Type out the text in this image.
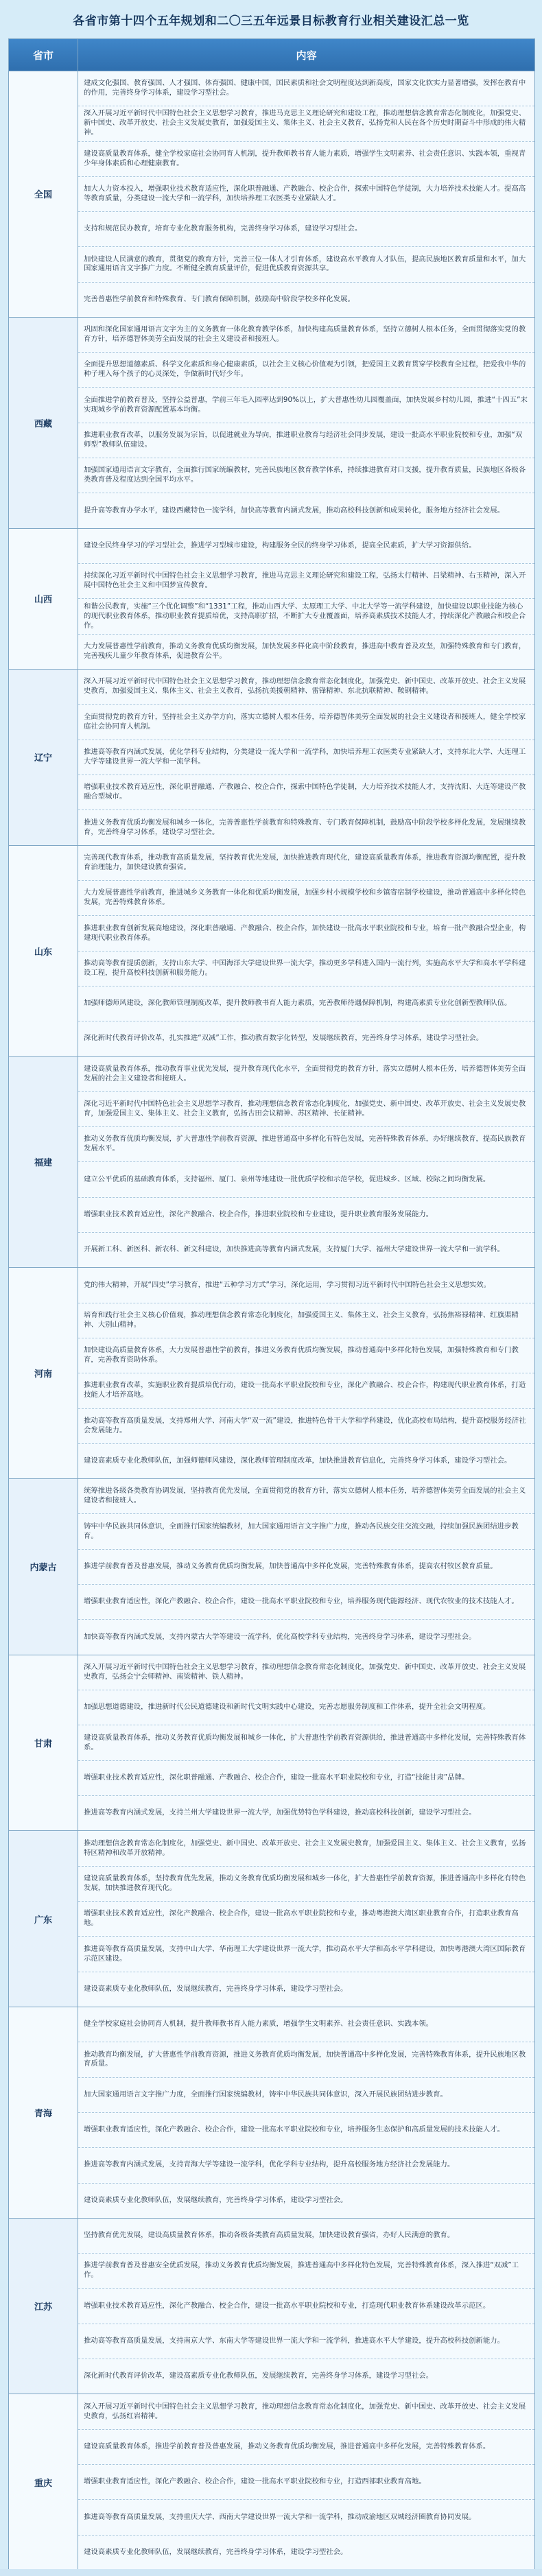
各省市第十四个五年规划和二〇三五年远景目标教育行业相关建设汇总一览
省市	内容
全国
建成文化强国、教育强国、人才强国、体育强国、健康中国，国民素质和社会文明程度达到新高度，国家文化软实力显著增强，发挥在教育中的作用，完善终身学习体系，建设学习型社会。
深入开展习近平新时代中国特色社会主义思想学习教育，推进马克思主义理论研究和建设工程，推动理想信念教育常态化制度化，加强党史、新中国史、改革开放史、社会主义发展史教育，加强爱国主义、集体主义、社会主义教育，弘扬党和人民在各个历史时期奋斗中形成的伟大精神。
建设高质量教育体系，健全学校家庭社会协同育人机制，提升教师教书育人能力素质，增强学生文明素养、社会责任意识、实践本领，重视青少年身体素质和心理健康教育。
加大人力资本投入，增强职业技术教育适应性，深化职普融通、产教融合、校企合作，探索中国特色学徒制，大力培养技术技能人才。提高高等教育质量，分类建设一流大学和一流学科，加快培养理工农医类专业紧缺人才。
支持和规范民办教育，培育专业化教育服务机构，完善终身学习体系，建设学习型社会。
加快建设人民满意的教育，贯彻党的教育方针，完善三位一体人才引育体系，建设高水平教育人才队伍，提高民族地区教育质量和水平，加大国家通用语言文字推广力度。不断健全教育质量评价，促进优质教育资源共享。
完善普惠性学前教育和特殊教育、专门教育保障机制，鼓励高中阶段学校多样化发展。
西藏
巩固和深化国家通用语言文字为主的义务教育一体化教育教学体系，加快构建高质量教育体系，坚持立德树人根本任务，全面贯彻落实党的教育方针，培养德智体美劳全面发展的社会主义建设者和接班人。
全面提升思想道德素质、科学文化素质和身心健康素质，以社会主义核心价值观为引领，把爱国主义教育贯穿学校教育全过程，把爱我中华的种子埋入每个孩子的心灵深处，争做新时代好少年。
全面推进学前教育普及，坚持公益普惠，学前三年毛入园率达到90%以上，扩大普惠性幼儿园覆盖面，加快发展乡村幼儿园，推进“十四五”末实现城乡学前教育资源配置基本均衡。
推进职业教育改革，以服务发展为宗旨，以促进就业为导向，推进职业教育与经济社会同步发展，建设一批高水平职业院校和专业，加强“双师型”教师队伍建设。
加强国家通用语言文字教育，全面推行国家统编教材，完善民族地区教育教学体系，持续推进教育对口支援，提升教育质量，民族地区各级各类教育普及程度达到全国平均水平。
提升高等教育办学水平，建设西藏特色一流学科，加快高等教育内涵式发展，推动高校科技创新和成果转化，服务地方经济社会发展。
山西
建设全民终身学习的学习型社会，推进学习型城市建设，构建服务全民的终身学习体系，提高全民素质，扩大学习资源供给。
持续深化习近平新时代中国特色社会主义思想学习教育，推进马克思主义理论研究和建设工程，弘扬太行精神、吕梁精神、右玉精神，深入开展中国特色社会主义和中国梦宣传教育。
和谐公民教育，实施“三个优化调整”和“1331”工程，推动山西大学、太原理工大学、中北大学等一流学科建设，加快建设以职业技能为核心的现代职业教育体系，推动职业教育提质培优，支持高职扩招，不断扩大专业覆盖面，培养高素质技术技能人才，持续深化产教融合和校企合作。
大力发展普惠性学前教育，推动义务教育优质均衡发展，加快发展多样化高中阶段教育，推进高中教育普及攻坚，加强特殊教育和专门教育，完善残疾儿童少年教育体系，促进教育公平。
辽宁
深入开展习近平新时代中国特色社会主义思想学习教育，推动理想信念教育常态化制度化，加强党史、新中国史、改革开放史、社会主义发展史教育，加强爱国主义、集体主义、社会主义教育，弘扬抗美援朝精神、雷锋精神、东北抗联精神、鞍钢精神。
全面贯彻党的教育方针，坚持社会主义办学方向，落实立德树人根本任务，培养德智体美劳全面发展的社会主义建设者和接班人，健全学校家庭社会协同育人机制。
推进高等教育内涵式发展，优化学科专业结构，分类建设一流大学和一流学科，加快培养理工农医类专业紧缺人才，支持东北大学、大连理工大学等建设世界一流大学和一流学科。
增强职业技术教育适应性，深化职普融通、产教融合、校企合作，探索中国特色学徒制，大力培养技术技能人才，支持沈阳、大连等建设产教融合型城市。
推进义务教育优质均衡发展和城乡一体化，完善普惠性学前教育和特殊教育、专门教育保障机制，鼓励高中阶段学校多样化发展，发展继续教育，完善终身学习体系，建设学习型社会。
山东
完善现代教育体系，推动教育高质量发展，坚持教育优先发展，加快推进教育现代化，建设高质量教育体系，推进教育资源均衡配置，提升教育治理能力，加快建设教育强省。
大力发展普惠性学前教育，推进城乡义务教育一体化和优质均衡发展，加强乡村小规模学校和乡镇寄宿制学校建设，推动普通高中多样化特色发展，完善特殊教育体系。
推进职业教育创新发展高地建设，深化职普融通、产教融合、校企合作，加快建设一批高水平职业院校和专业，培育一批产教融合型企业，构建现代职业教育体系。
推动高等教育提质创新，支持山东大学、中国海洋大学建设世界一流大学，推动更多学科进入国内一流行列，实施高水平大学和高水平学科建设工程，提升高校科技创新和服务能力。
加强师德师风建设，深化教师管理制度改革，提升教师教书育人能力素质，完善教师待遇保障机制，构建高素质专业化创新型教师队伍。
深化新时代教育评价改革，扎实推进“双减”工作，推动教育数字化转型，发展继续教育，完善终身学习体系，建设学习型社会。
福建
建设高质量教育体系，推动教育事业优先发展，提升教育现代化水平，全面贯彻党的教育方针，落实立德树人根本任务，培养德智体美劳全面发展的社会主义建设者和接班人。
深化习近平新时代中国特色社会主义思想学习教育，推动理想信念教育常态化制度化，加强党史、新中国史、改革开放史、社会主义发展史教育，加强爱国主义、集体主义、社会主义教育，弘扬古田会议精神、苏区精神、长征精神。
推动义务教育优质均衡发展，扩大普惠性学前教育资源，推进普通高中多样化有特色发展，完善特殊教育体系，办好继续教育，提高民族教育发展水平。
建立公平优质的基础教育体系，支持福州、厦门、泉州等地建设一批优质学校和示范学校，促进城乡、区域、校际之间均衡发展。
增强职业技术教育适应性，深化产教融合、校企合作，推进职业院校和专业建设，提升职业教育服务发展能力。
开展新工科、新医科、新农科、新文科建设，加快推进高等教育内涵式发展，支持厦门大学、福州大学建设世界一流大学和一流学科。
河南
党的伟大精神，开展“四史”学习教育，推进“五种学习方式”学习，深化运用，学习贯彻习近平新时代中国特色社会主义思想实效。
培育和践行社会主义核心价值观，推动理想信念教育常态化制度化，加强爱国主义、集体主义、社会主义教育，弘扬焦裕禄精神、红旗渠精神、大别山精神。
加快建设高质量教育体系，大力发展普惠性学前教育，推进义务教育优质均衡发展，推动普通高中多样化特色发展，加强特殊教育和专门教育，完善教育资助体系。
推进职业教育改革，实施职业教育提质培优行动，建设一批高水平职业院校和专业，深化产教融合、校企合作，构建现代职业教育体系，打造技能人才培养高地。
推动高等教育高质量发展，支持郑州大学、河南大学“双一流”建设，推进特色骨干大学和学科建设，优化高校布局结构，提升高校服务经济社会发展能力。
建设高素质专业化教师队伍，加强师德师风建设，深化教师管理制度改革，加快推进教育信息化，完善终身学习体系，建设学习型社会。
内蒙古
统筹推进各级各类教育协调发展，坚持教育优先发展，全面贯彻党的教育方针，落实立德树人根本任务，培养德智体美劳全面发展的社会主义建设者和接班人。
铸牢中华民族共同体意识，全面推行国家统编教材，加大国家通用语言文字推广力度，推动各民族交往交流交融，持续加强民族团结进步教育。
推进学前教育普及普惠发展，推动义务教育优质均衡发展，加快普通高中多样化发展，完善特殊教育体系，提高农村牧区教育质量。
增强职业教育适应性，深化产教融合、校企合作，建设一批高水平职业院校和专业，培养服务现代能源经济、现代农牧业的技术技能人才。
加快高等教育内涵式发展，支持内蒙古大学等建设一流学科，优化高校学科专业结构，完善终身学习体系，建设学习型社会。
甘肃
深入开展习近平新时代中国特色社会主义思想学习教育，推动理想信念教育常态化制度化，加强党史、新中国史、改革开放史、社会主义发展史教育，弘扬会宁会师精神、南梁精神、铁人精神。
加强思想道德建设，推进新时代公民道德建设和新时代文明实践中心建设，完善志愿服务制度和工作体系，提升全社会文明程度。
建设高质量教育体系，推动义务教育优质均衡发展和城乡一体化，扩大普惠性学前教育资源供给，推进普通高中多样化发展，完善特殊教育体系。
增强职业技术教育适应性，深化职普融通、产教融合、校企合作，建设一批高水平职业院校和专业，打造“技能甘肃”品牌。
推进高等教育内涵式发展，支持兰州大学建设世界一流大学，加强优势特色学科建设，推动高校科技创新，建设学习型社会。
广东
推动理想信念教育常态化制度化，加强党史、新中国史、改革开放史、社会主义发展史教育，加强爱国主义、集体主义、社会主义教育，弘扬特区精神和改革开放精神。
建设高质量教育体系，坚持教育优先发展，推动义务教育优质均衡发展和城乡一体化，扩大普惠性学前教育资源，推进普通高中多样化有特色发展，加快推进教育现代化。
增强职业技术教育适应性，深化产教融合、校企合作，建设一批高水平职业院校和专业，推动粤港澳大湾区职业教育合作，打造职业教育高地。
推进高等教育高质量发展，支持中山大学、华南理工大学建设世界一流大学，推动高水平大学和高水平学科建设，加快粤港澳大湾区国际教育示范区建设。
建设高素质专业化教师队伍，发展继续教育，完善终身学习体系，建设学习型社会。
青海
健全学校家庭社会协同育人机制，提升教师教书育人能力素质，增强学生文明素养、社会责任意识、实践本领。
推动教育均衡发展，扩大普惠性学前教育资源，推进义务教育优质均衡发展，加快普通高中多样化发展，完善特殊教育体系，提升民族地区教育质量。
加大国家通用语言文字推广力度，全面推行国家统编教材，铸牢中华民族共同体意识，深入开展民族团结进步教育。
增强职业教育适应性，深化产教融合、校企合作，建设一批高水平职业院校和专业，培养服务生态保护和高质量发展的技术技能人才。
推进高等教育内涵式发展，支持青海大学等建设一流学科，优化学科专业结构，提升高校服务地方经济社会发展能力。
建设高素质专业化教师队伍，发展继续教育，完善终身学习体系，建设学习型社会。
江苏
坚持教育优先发展，建设高质量教育体系，推动各级各类教育高质量发展，加快建设教育强省，办好人民满意的教育。
推进学前教育普及普惠安全优质发展，推动义务教育优质均衡发展，推进普通高中多样化特色发展，完善特殊教育体系，深入推进“双减”工作。
增强职业技术教育适应性，深化产教融合、校企合作，建设一批高水平职业院校和专业，打造现代职业教育体系建设改革示范区。
推动高等教育高质量发展，支持南京大学、东南大学等建设世界一流大学和一流学科，推进高水平大学建设，提升高校科技创新能力。
深化新时代教育评价改革，建设高素质专业化教师队伍，发展继续教育，完善终身学习体系，建设学习型社会。
重庆
深入开展习近平新时代中国特色社会主义思想学习教育，推动理想信念教育常态化制度化，加强党史、新中国史、改革开放史、社会主义发展史教育，弘扬红岩精神。
建设高质量教育体系，推进学前教育普及普惠发展，推动义务教育优质均衡发展，推进普通高中多样化发展，完善特殊教育体系。
增强职业教育适应性，深化产教融合、校企合作，建设一批高水平职业院校和专业，打造西部职业教育高地。
推进高等教育高质量发展，支持重庆大学、西南大学建设世界一流大学和一流学科，推动成渝地区双城经济圈教育协同发展。
建设高素质专业化教师队伍，发展继续教育，完善终身学习体系，建设学习型社会。
